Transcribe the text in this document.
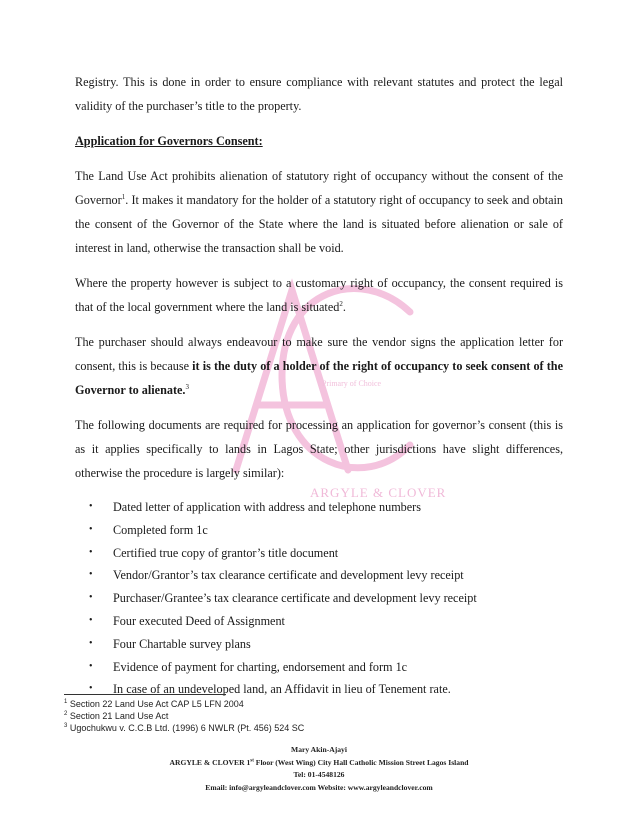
Primary of Choice
ARGYLE & CLOVER

Registry. This is done in order to ensure compliance with relevant statutes and protect the legal validity of the purchaser’s title to the property.

Application for Governors Consent:

The Land Use Act prohibits alienation of statutory right of occupancy without the consent of the Governor$^1$. It makes it mandatory for the holder of a statutory right of occupancy to seek and obtain the consent of the Governor of the State where the land is situated before alienation or sale of interest in land, otherwise the transaction shall be void.

Where the property however is subject to a customary right of occupancy, the consent required is that of the local government where the land is situated$^2$.

The purchaser should always endeavour to make sure the vendor signs the application letter for consent, this is because it is the duty of a holder of the right of occupancy to seek consent of the Governor to alienate.$^3$

The following documents are required for processing an application for governor’s consent (this is as it applies specifically to lands in Lagos State; other jurisdictions have slight differences, otherwise the procedure is largely similar):

• Dated letter of application with address and telephone numbers
• Completed form 1c
• Certified true copy of grantor’s title document
• Vendor/Grantor’s tax clearance certificate and development levy receipt
• Purchaser/Grantee’s tax clearance certificate and development levy receipt
• Four executed Deed of Assignment
• Four Chartable survey plans
• Evidence of payment for charting, endorsement and form 1c
• In case of an undeveloped land, an Affidavit in lieu of Tenement rate.
$^1$ Section 22 Land Use Act CAP L5 LFN 2004
$^2$ Section 21 Land Use Act
$^3$ Ugochukwu v. C.C.B Ltd. (1996) 6 NWLR (Pt. 456) 524 SC
Mary Akin-Ajayi
ARGYLE & CLOVER 1st Floor (West Wing) City Hall Catholic Mission Street Lagos Island
Tel: 01-4548126
Email: info@argyleandclover.com Website: www.argyleandclover.com
